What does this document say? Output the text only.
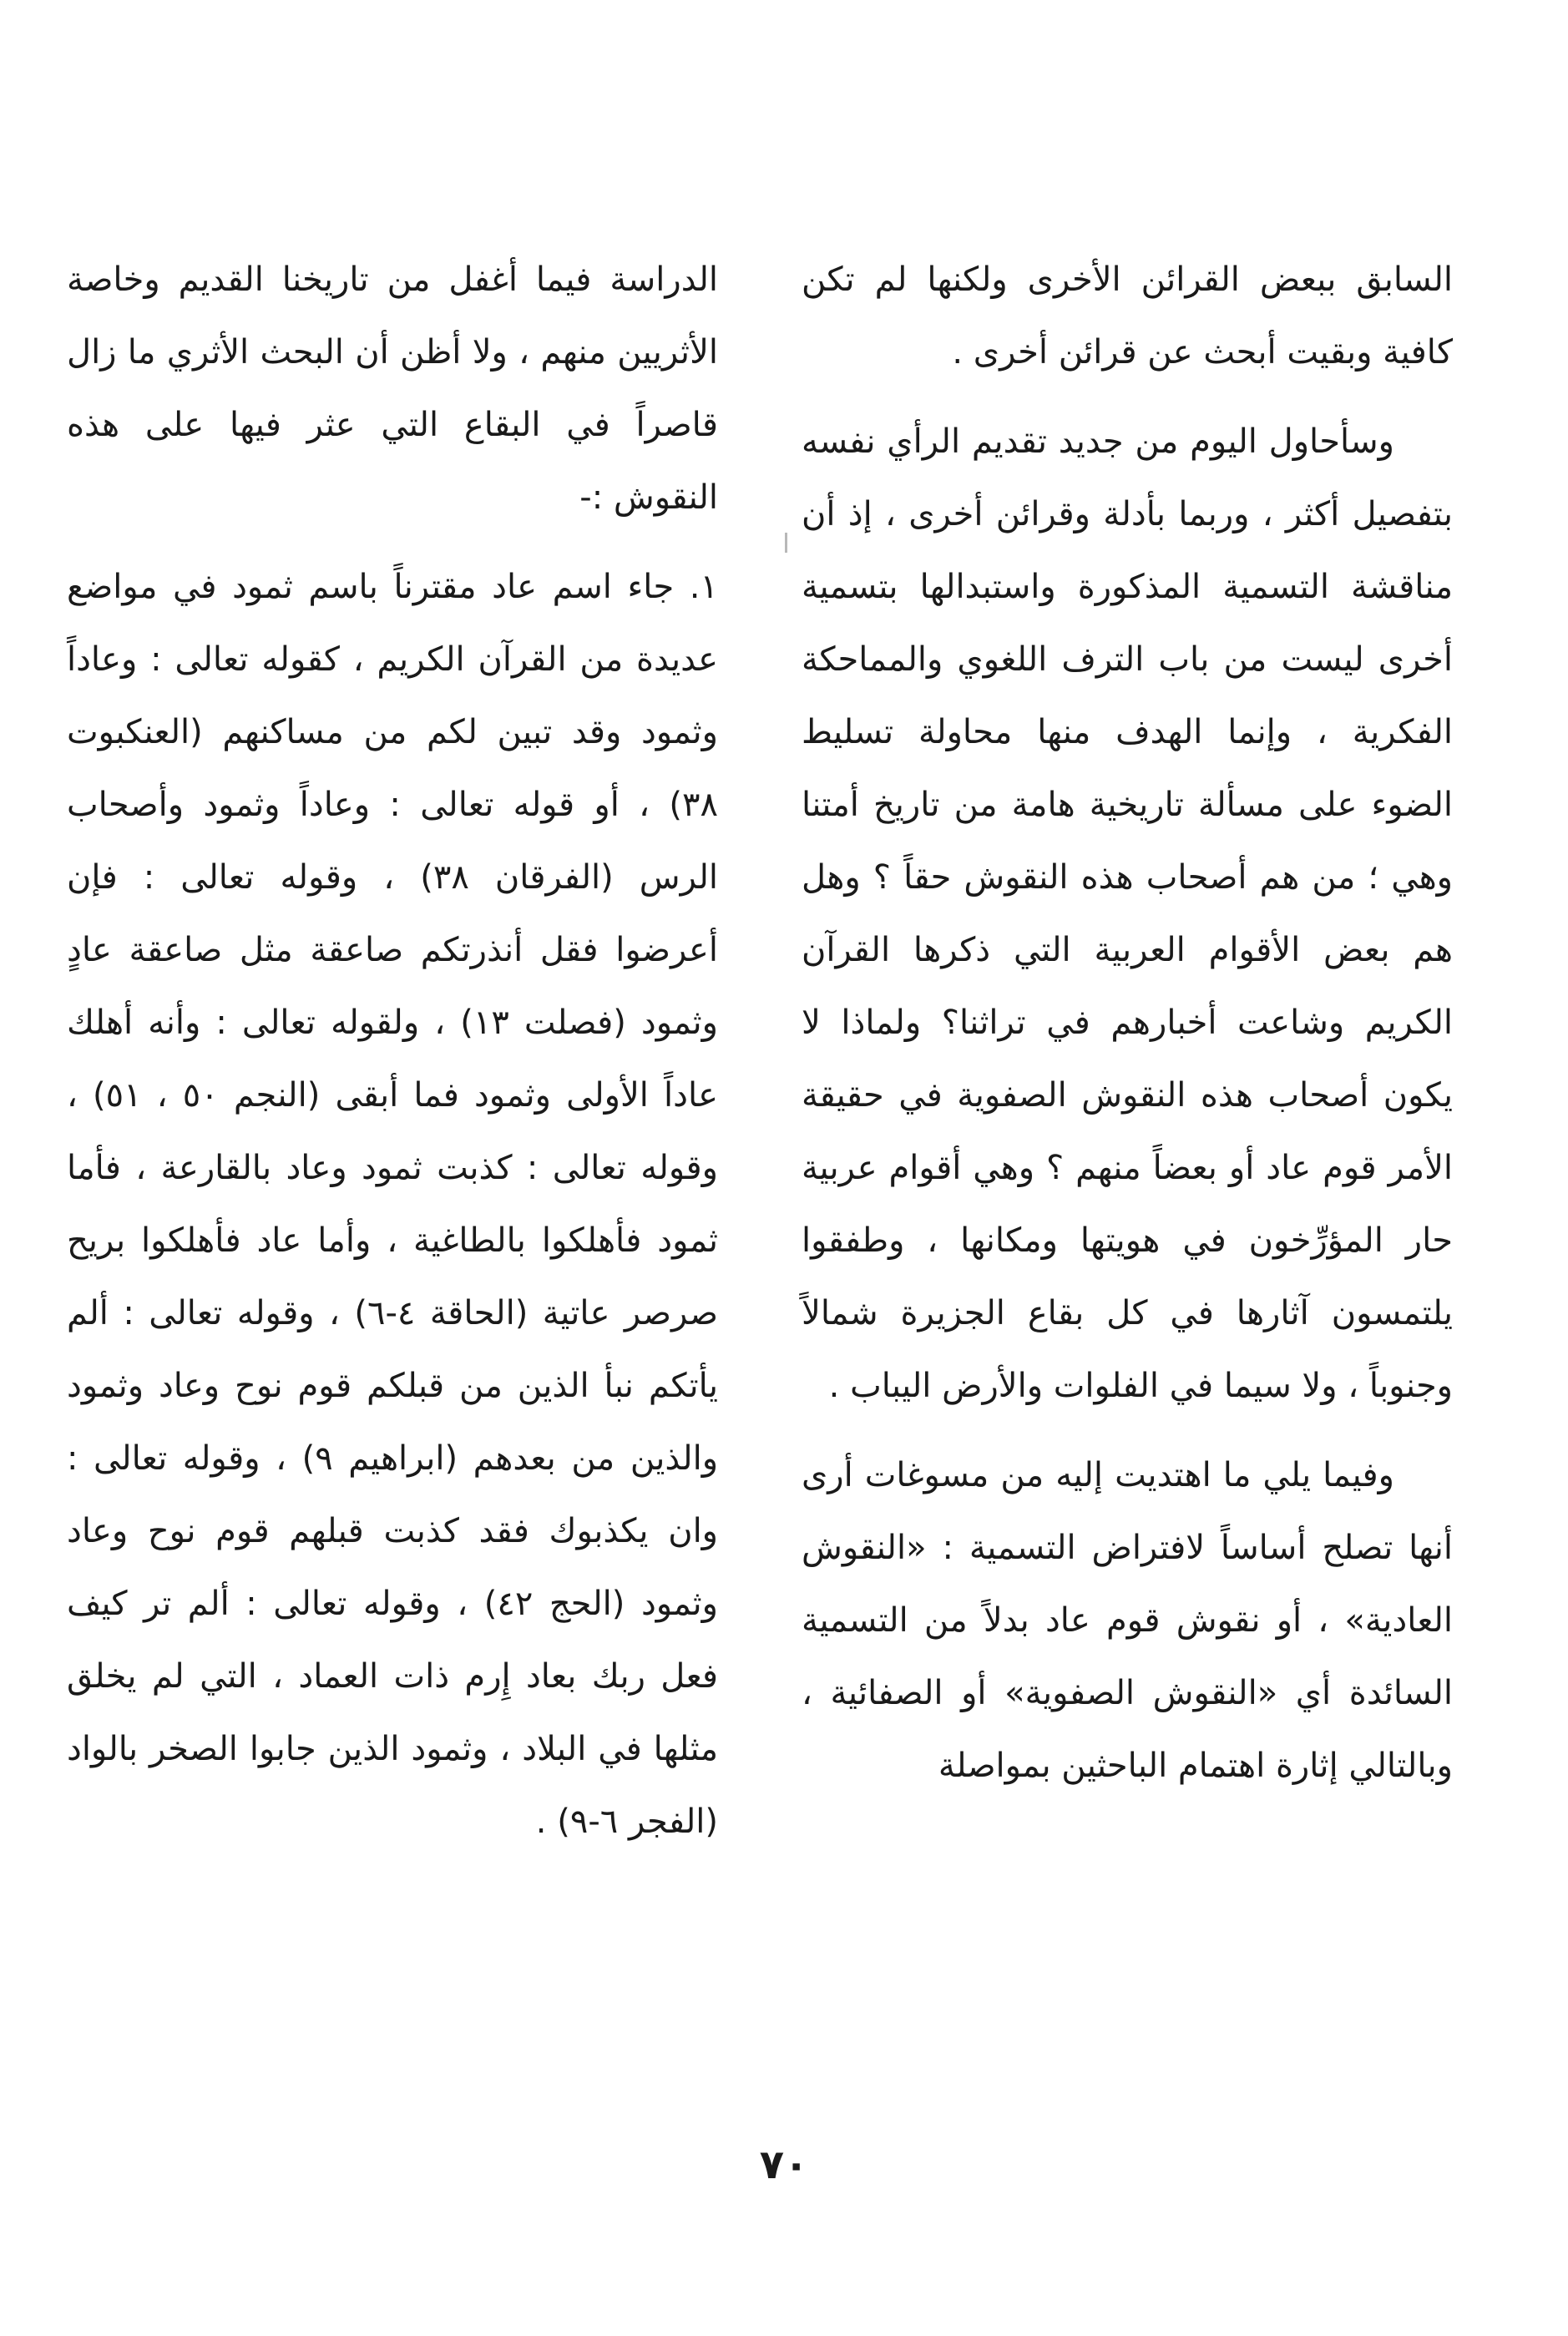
السابق ببعض القرائن الأخرى ولكنها لم تكن كافية وبقيت أبحث عن قرائن أخرى .

وسأحاول اليوم من جديد تقديم الرأي نفسه بتفصيل أكثر ، وربما بأدلة وقرائن أخرى ، إذ أن مناقشة التسمية المذكورة واستبدالها بتسمية أخرى ليست من باب الترف اللغوي والمماحكة الفكرية ، وإنما الهدف منها محاولة تسليط الضوء على مسألة تاريخية هامة من تاريخ أمتنا وهي ؛ من هم أصحاب هذه النقوش حقاً ؟ وهل هم بعض الأقوام العربية التي ذكرها القرآن الكريم وشاعت أخبارهم في تراثنا؟ ولماذا لا يكون أصحاب هذه النقوش الصفوية في حقيقة الأمر قوم عاد أو بعضاً منهم ؟ وهي أقوام عربية حار المؤرِّخون في هويتها ومكانها ، وطفقوا يلتمسون آثارها في كل بقاع الجزيرة شمالاً وجنوباً ، ولا سيما في الفلوات والأرض اليباب .

وفيما يلي ما اهتديت إليه من مسوغات أرى أنها تصلح أساساً لافتراض التسمية : «النقوش العادية» ، أو نقوش قوم عاد بدلاً من التسمية السائدة أي «النقوش الصفوية» أو الصفائية ، وبالتالي إثارة اهتمام الباحثين بمواصلة

الدراسة فيما أغفل من تاريخنا القديم وخاصة الأثريين منهم ، ولا أظن أن البحث الأثري ما زال قاصراً في البقاع التي عثر فيها على هذه النقوش :-

١. جاء اسم عاد مقترناً باسم ثمود في مواضع عديدة من القرآن الكريم ، كقوله تعالى : وعاداً وثمود وقد تبين لكم من مساكنهم (العنكبوت ٣٨) ، أو قوله تعالى : وعاداً وثمود وأصحاب الرس (الفرقان ٣٨) ، وقوله تعالى : فإن أعرضوا فقل أنذرتكم صاعقة مثل صاعقة عادٍ وثمود (فصلت ١٣) ، ولقوله تعالى : وأنه أهلك عاداً الأولى وثمود فما أبقى (النجم ٥٠ ، ٥١) ، وقوله تعالى : كذبت ثمود وعاد بالقارعة ، فأما ثمود فأهلكوا بالطاغية ، وأما عاد فأهلكوا بريح صرصر عاتية (الحاقة ٤-٦) ، وقوله تعالى : ألم يأتكم نبأ الذين من قبلكم قوم نوح وعاد وثمود والذين من بعدهم (ابراهيم ٩) ، وقوله تعالى : وان يكذبوك فقد كذبت قبلهم قوم نوح وعاد وثمود (الحج ٤٢) ، وقوله تعالى : ألم تر كيف فعل ربك بعاد إِرم ذات العماد ، التي لم يخلق مثلها في البلاد ، وثمود الذين جابوا الصخر بالواد (الفجر ٦-٩) .

٧٠
